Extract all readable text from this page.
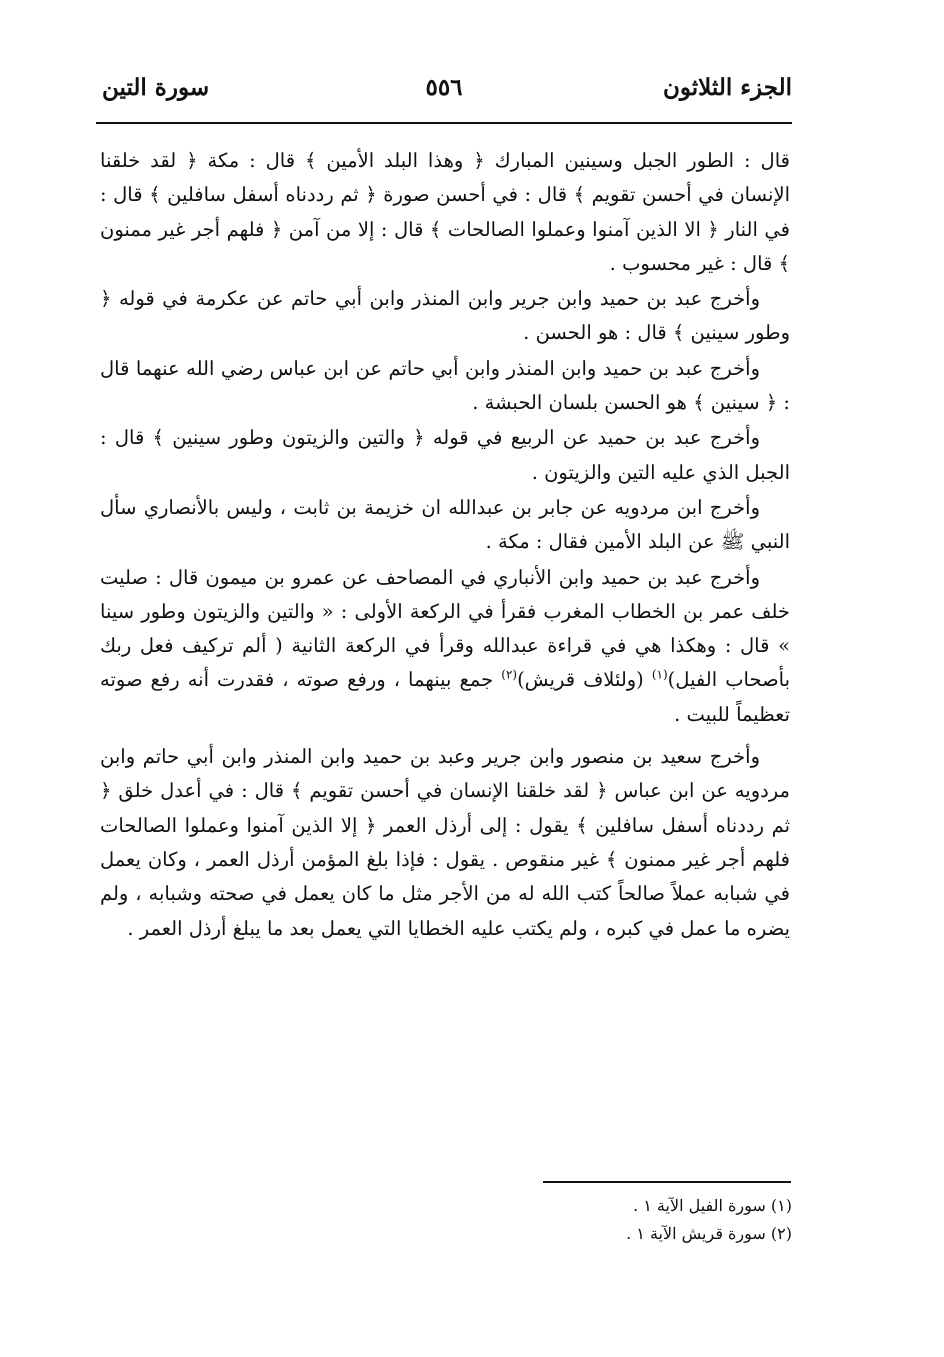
الجزء الثلاثون
٥٥٦
سورة التين

قال : الطور الجبل وسينين المبارك ﴿ وهذا البلد الأمين ﴾ قال : مكة ﴿ لقد خلقنا الإنسان في أحسن تقويم ﴾ قال : في أحسن صورة ﴿ ثم رددناه أسفل سافلين ﴾ قال : في النار ﴿ الا الذين آمنوا وعملوا الصالحات ﴾ قال : إلا من آمن ﴿ فلهم أجر غير ممنون ﴾ قال : غير محسوب .

وأخرج عبد بن حميد وابن جرير وابن المنذر وابن أبي حاتم عن عكرمة في قوله ﴿ وطور سينين ﴾ قال : هو الحسن .

وأخرج عبد بن حميد وابن المنذر وابن أبي حاتم عن ابن عباس رضي الله عنهما قال : ﴿ سينين ﴾ هو الحسن بلسان الحبشة .

وأخرج عبد بن حميد عن الربيع في قوله ﴿ والتين والزيتون وطور سينين ﴾ قال : الجبل الذي عليه التين والزيتون .

وأخرج ابن مردويه عن جابر بن عبدالله ان خزيمة بن ثابت ، وليس بالأنصاري سأل النبي ﷺ عن البلد الأمين فقال : مكة .

وأخرج عبد بن حميد وابن الأنباري في المصاحف عن عمرو بن ميمون قال : صليت خلف عمر بن الخطاب المغرب فقرأ في الركعة الأولى : « والتين والزيتون وطور سينا » قال : وهكذا هي في قراءة عبدالله وقرأ في الركعة الثانية ( ألم تركيف فعل ربك بأصحاب الفيل)$^{(١)}$ (ولئلاف قريش)$^{(٢)}$ جمع بينهما ، ورفع صوته ، فقدرت أنه رفع صوته تعظيماً للبيت .

وأخرج سعيد بن منصور وابن جرير وعبد بن حميد وابن المنذر وابن أبي حاتم وابن مردويه عن ابن عباس ﴿ لقد خلقنا الإنسان في أحسن تقويم ﴾ قال : في أعدل خلق ﴿ ثم رددناه أسفل سافلين ﴾ يقول : إلى أرذل العمر ﴿ إلا الذين آمنوا وعملوا الصالحات فلهم أجر غير ممنون ﴾ غير منقوص . يقول : فإذا بلغ المؤمن أرذل العمر ، وكان يعمل في شبابه عملاً صالحاً كتب الله له من الأجر مثل ما كان يعمل في صحته وشبابه ، ولم يضره ما عمل في كبره ، ولم يكتب عليه الخطايا التي يعمل بعد ما يبلغ أرذل العمر .

(١) سورة الفيل الآية ١ .
(٢) سورة قريش الآية ١ .
